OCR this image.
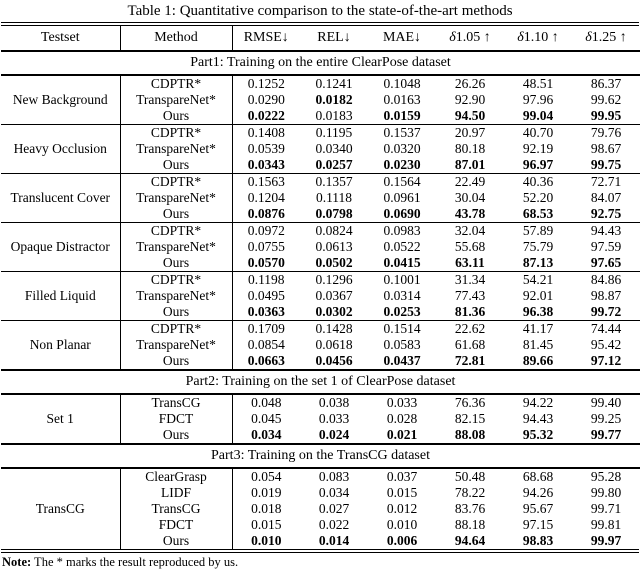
Table 1: Quantitative comparison to the state-of-the-art methods
Testset	Method	RMSE↓	REL↓	MAE↓	δ1.05 ↑	δ1.10 ↑	δ1.25 ↑
Part1: Training on the entire ClearPose dataset							
New Background	CDPTR*	0.1252	0.1241	0.1048	26.26	48.51	86.37
	TranspareNet*	0.0290	0.0182	0.0163	92.90	97.96	99.62
	Ours	0.0222	0.0183	0.0159	94.50	99.04	99.95
Heavy Occlusion	CDPTR*	0.1408	0.1195	0.1537	20.97	40.70	79.76
	TranspareNet*	0.0539	0.0340	0.0320	80.18	92.19	98.67
	Ours	0.0343	0.0257	0.0230	87.01	96.97	99.75
Translucent Cover	CDPTR*	0.1563	0.1357	0.1564	22.49	40.36	72.71
	TranspareNet*	0.1204	0.1118	0.0961	30.04	52.20	84.07
	Ours	0.0876	0.0798	0.0690	43.78	68.53	92.75
Opaque Distractor	CDPTR*	0.0972	0.0824	0.0983	32.04	57.89	94.43
	TranspareNet*	0.0755	0.0613	0.0522	55.68	75.79	97.59
	Ours	0.0570	0.0502	0.0415	63.11	87.13	97.65
Filled Liquid	CDPTR*	0.1198	0.1296	0.1001	31.34	54.21	84.86
	TranspareNet*	0.0495	0.0367	0.0314	77.43	92.01	98.87
	Ours	0.0363	0.0302	0.0253	81.36	96.38	99.72
Non Planar	CDPTR*	0.1709	0.1428	0.1514	22.62	41.17	74.44
	TranspareNet*	0.0854	0.0618	0.0583	61.68	81.45	95.42
	Ours	0.0663	0.0456	0.0437	72.81	89.66	97.12
Part2: Training on the set 1 of ClearPose dataset							
Set 1	TransCG	0.048	0.038	0.033	76.36	94.22	99.40
	FDCT	0.045	0.033	0.028	82.15	94.43	99.25
	Ours	0.034	0.024	0.021	88.08	95.32	99.77
Part3: Training on the TransCG dataset							
TransCG	ClearGrasp	0.054	0.083	0.037	50.48	68.68	95.28
	LIDF	0.019	0.034	0.015	78.22	94.26	99.80
	TransCG	0.018	0.027	0.012	83.76	95.67	99.71
	FDCT	0.015	0.022	0.010	88.18	97.15	99.81
	Ours	0.010	0.014	0.006	94.64	98.83	99.97
Note: The * marks the result reproduced by us.
